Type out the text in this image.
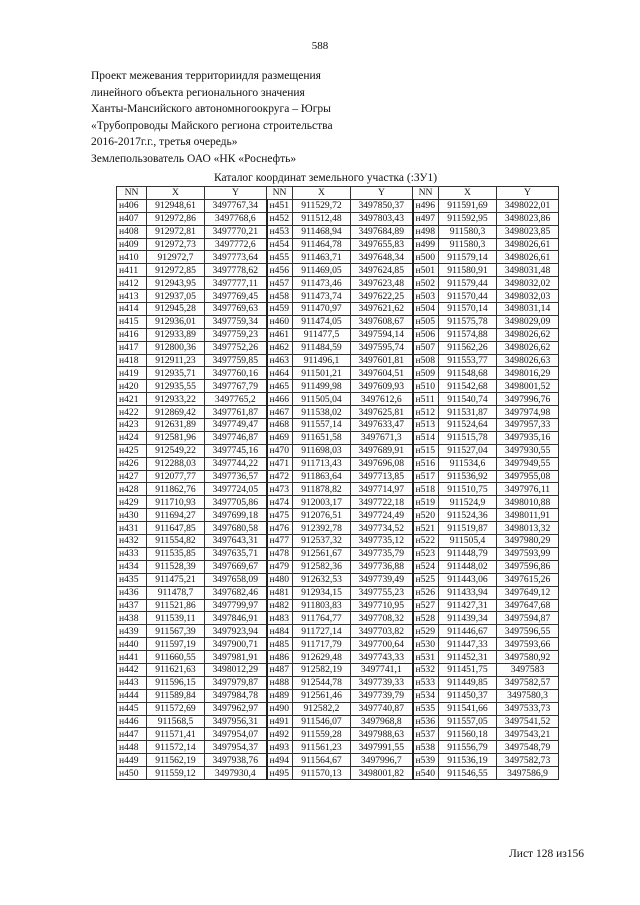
588
Проект межевания территориидля размещения
линейного объекта регионального значения
Ханты-Мансийского автономногоокруга – Югры
«Трубопроводы Майского региона строительства
2016-2017г.г., третья очередь»
Землепользователь ОАО «НК «Роснефть»
Каталог координат земельного участка (:ЗУ1)
NN	X	Y	NN	X	Y	NN	X	Y
н406	912948,61	3497767,34	н451	911529,72	3497850,37	н496	911591,69	3498022,01
н407	912972,86	3497768,6	н452	911512,48	3497803,43	н497	911592,95	3498023,86
н408	912972,81	3497770,21	н453	911468,94	3497684,89	н498	911580,3	3498023,85
н409	912972,73	3497772,6	н454	911464,78	3497655,83	н499	911580,3	3498026,61
н410	912972,7	3497773,64	н455	911463,71	3497648,34	н500	911579,14	3498026,61
н411	912972,85	3497778,62	н456	911469,05	3497624,85	н501	911580,91	3498031,48
н412	912943,95	3497777,11	н457	911473,46	3497623,48	н502	911579,44	3498032,02
н413	912937,05	3497769,45	н458	911473,74	3497622,25	н503	911570,44	3498032,03
н414	912945,28	3497769,63	н459	911470,97	3497621,62	н504	911570,14	3498031,14
н415	912936,01	3497759,34	н460	911474,05	3497608,67	н505	911575,78	3498029,09
н416	912933,89	3497759,23	н461	911477,5	3497594,14	н506	911574,88	3498026,62
н417	912800,36	3497752,26	н462	911484,59	3497595,74	н507	911562,26	3498026,62
н418	912911,23	3497759,85	н463	911496,1	3497601,81	н508	911553,77	3498026,63
н419	912935,71	3497760,16	н464	911501,21	3497604,51	н509	911548,68	3498016,29
н420	912935,55	3497767,79	н465	911499,98	3497609,93	н510	911542,68	3498001,52
н421	912933,22	3497765,2	н466	911505,04	3497612,6	н511	911540,74	3497996,76
н422	912869,42	3497761,87	н467	911538,02	3497625,81	н512	911531,87	3497974,98
н423	912631,89	3497749,47	н468	911557,14	3497633,47	н513	911524,64	3497957,33
н424	912581,96	3497746,87	н469	911651,58	3497671,3	н514	911515,78	3497935,16
н425	912549,22	3497745,16	н470	911698,03	3497689,91	н515	911527,04	3497930,55
н426	912288,03	3497744,22	н471	911713,43	3497696,08	н516	911534,6	3497949,55
н427	912077,77	3497736,57	н472	911863,64	3497713,85	н517	911536,92	3497955,08
н428	911862,76	3497724,05	н473	911878,82	3497714,97	н518	911510,75	3497976,11
н429	911710,93	3497705,86	н474	912003,17	3497722,18	н519	911524,9	3498010,88
н430	911694,27	3497699,18	н475	912076,51	3497724,49	н520	911524,36	3498011,91
н431	911647,85	3497680,58	н476	912392,78	3497734,52	н521	911519,87	3498013,32
н432	911554,82	3497643,31	н477	912537,32	3497735,12	н522	911505,4	3497980,29
н433	911535,85	3497635,71	н478	912561,67	3497735,79	н523	911448,79	3497593,99
н434	911528,39	3497669,67	н479	912582,36	3497736,88	н524	911448,02	3497596,86
н435	911475,21	3497658,09	н480	912632,53	3497739,49	н525	911443,06	3497615,26
н436	911478,7	3497682,46	н481	912934,15	3497755,23	н526	911433,94	3497649,12
н437	911521,86	3497799,97	н482	911803,83	3497710,95	н527	911427,31	3497647,68
н438	911539,11	3497846,91	н483	911764,77	3497708,32	н528	911439,34	3497594,87
н439	911567,39	3497923,94	н484	911727,14	3497703,82	н529	911446,67	3497596,55
н440	911597,19	3497900,71	н485	911717,79	3497700,64	н530	911447,33	3497593,66
н441	911660,55	3497981,91	н486	912629,48	3497743,33	н531	911452,31	3497580,92
н442	911621,63	3498012,29	н487	912582,19	3497741,1	н532	911451,75	3497583
н443	911596,15	3497979,87	н488	912544,78	3497739,33	н533	911449,85	3497582,57
н444	911589,84	3497984,78	н489	912561,46	3497739,79	н534	911450,37	3497580,3
н445	911572,69	3497962,97	н490	912582,2	3497740,87	н535	911541,66	3497533,73
н446	911568,5	3497956,31	н491	911546,07	3497968,8	н536	911557,05	3497541,52
н447	911571,41	3497954,07	н492	911559,28	3497988,63	н537	911560,18	3497543,21
н448	911572,14	3497954,37	н493	911561,23	3497991,55	н538	911556,79	3497548,79
н449	911562,19	3497938,76	н494	911564,67	3497996,7	н539	911536,19	3497582,73
н450	911559,12	3497930,4	н495	911570,13	3498001,82	н540	911546,55	3497586,9
Лист 128 из156
